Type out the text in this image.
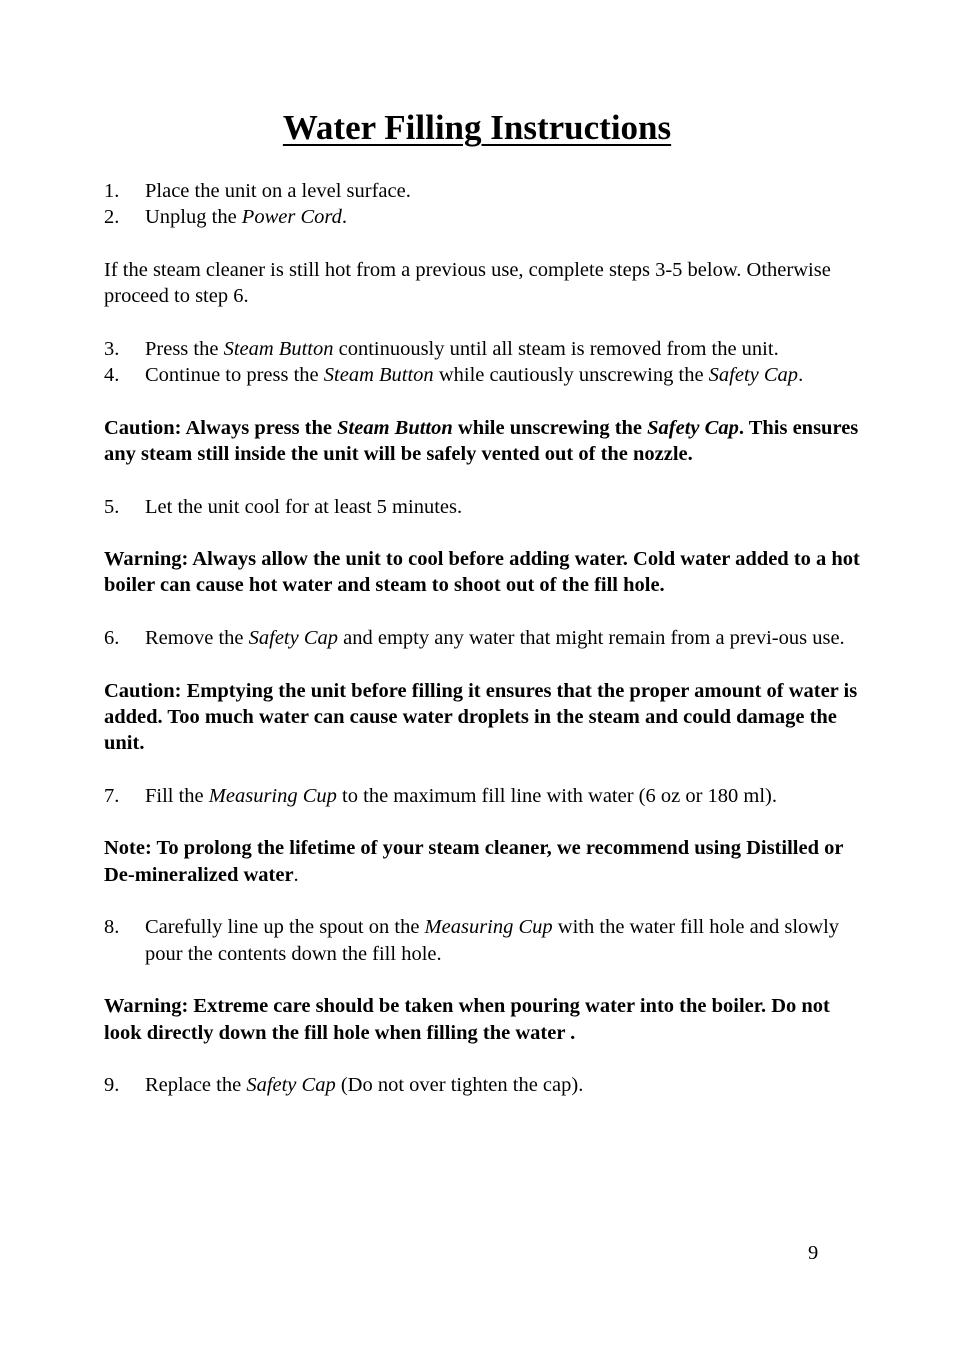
Water Filling Instructions
1. Place the unit on a level surface.
2. Unplug the Power Cord.

If the steam cleaner is still hot from a previous use, complete steps 3-5 below. Otherwise proceed to step 6.

3. Press the Steam Button continuously until all steam is removed from the unit.
4. Continue to press the Steam Button while cautiously unscrewing the Safety Cap.

Caution: Always press the Steam Button while unscrewing the Safety Cap. This ensures any steam still inside the unit will be safely vented out of the nozzle.

5. Let the unit cool for at least 5 minutes.

Warning: Always allow the unit to cool before adding water. Cold water added to a hot boiler can cause hot water and steam to shoot out of the fill hole.

6. Remove the Safety Cap and empty any water that might remain from a previ-ous use.

Caution: Emptying the unit before filling it ensures that the proper amount of water is added. Too much water can cause water droplets in the steam and could damage the unit.

7. Fill the Measuring Cup to the maximum fill line with water (6 oz or 180 ml).

Note: To prolong the lifetime of your steam cleaner, we recommend using Distilled or De-mineralized water.

8. Carefully line up the spout on the Measuring Cup with the water fill hole and slowly pour the contents down the fill hole.

Warning: Extreme care should be taken when pouring water into the boiler. Do not look directly down the fill hole when filling the water .

9. Replace the Safety Cap (Do not over tighten the cap).
9
